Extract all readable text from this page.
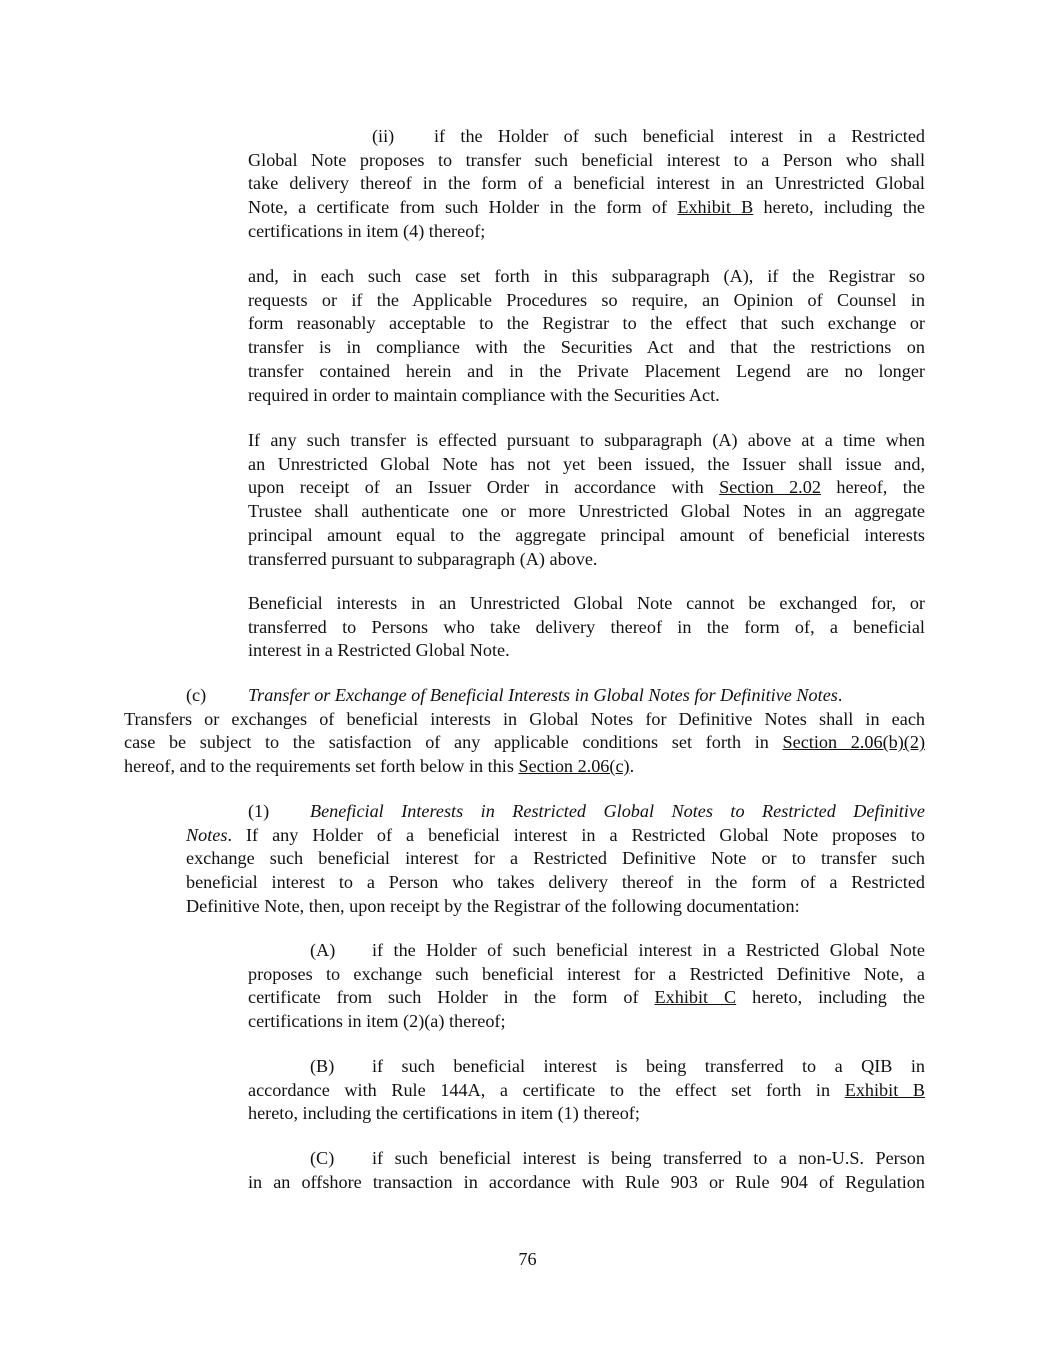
(ii) if the Holder of such beneficial interest in a Restricted
Global Note proposes to transfer such beneficial interest to a Person who shall
take delivery thereof in the form of a beneficial interest in an Unrestricted Global
Note, a certificate from such Holder in the form of Exhibit B hereto, including the
certifications in item (4) thereof;
and, in each such case set forth in this subparagraph (A), if the Registrar so
requests or if the Applicable Procedures so require, an Opinion of Counsel in
form reasonably acceptable to the Registrar to the effect that such exchange or
transfer is in compliance with the Securities Act and that the restrictions on
transfer contained herein and in the Private Placement Legend are no longer
required in order to maintain compliance with the Securities Act.
If any such transfer is effected pursuant to subparagraph (A) above at a time when
an Unrestricted Global Note has not yet been issued, the Issuer shall issue and,
upon receipt of an Issuer Order in accordance with Section 2.02 hereof, the
Trustee shall authenticate one or more Unrestricted Global Notes in an aggregate
principal amount equal to the aggregate principal amount of beneficial interests
transferred pursuant to subparagraph (A) above.
Beneficial interests in an Unrestricted Global Note cannot be exchanged for, or
transferred to Persons who take delivery thereof in the form of, a beneficial
interest in a Restricted Global Note.
(c) Transfer or Exchange of Beneficial Interests in Global Notes for Definitive Notes.
Transfers or exchanges of beneficial interests in Global Notes for Definitive Notes shall in each
case be subject to the satisfaction of any applicable conditions set forth in Section 2.06(b)(2)
hereof, and to the requirements set forth below in this Section 2.06(c).
(1) Beneficial Interests in Restricted Global Notes to Restricted Definitive
Notes. If any Holder of a beneficial interest in a Restricted Global Note proposes to
exchange such beneficial interest for a Restricted Definitive Note or to transfer such
beneficial interest to a Person who takes delivery thereof in the form of a Restricted
Definitive Note, then, upon receipt by the Registrar of the following documentation:
(A) if the Holder of such beneficial interest in a Restricted Global Note
proposes to exchange such beneficial interest for a Restricted Definitive Note, a
certificate from such Holder in the form of Exhibit C hereto, including the
certifications in item (2)(a) thereof;
(B) if such beneficial interest is being transferred to a QIB in
accordance with Rule 144A, a certificate to the effect set forth in Exhibit B
hereto, including the certifications in item (1) thereof;
(C) if such beneficial interest is being transferred to a non-U.S. Person
in an offshore transaction in accordance with Rule 903 or Rule 904 of Regulation
76
